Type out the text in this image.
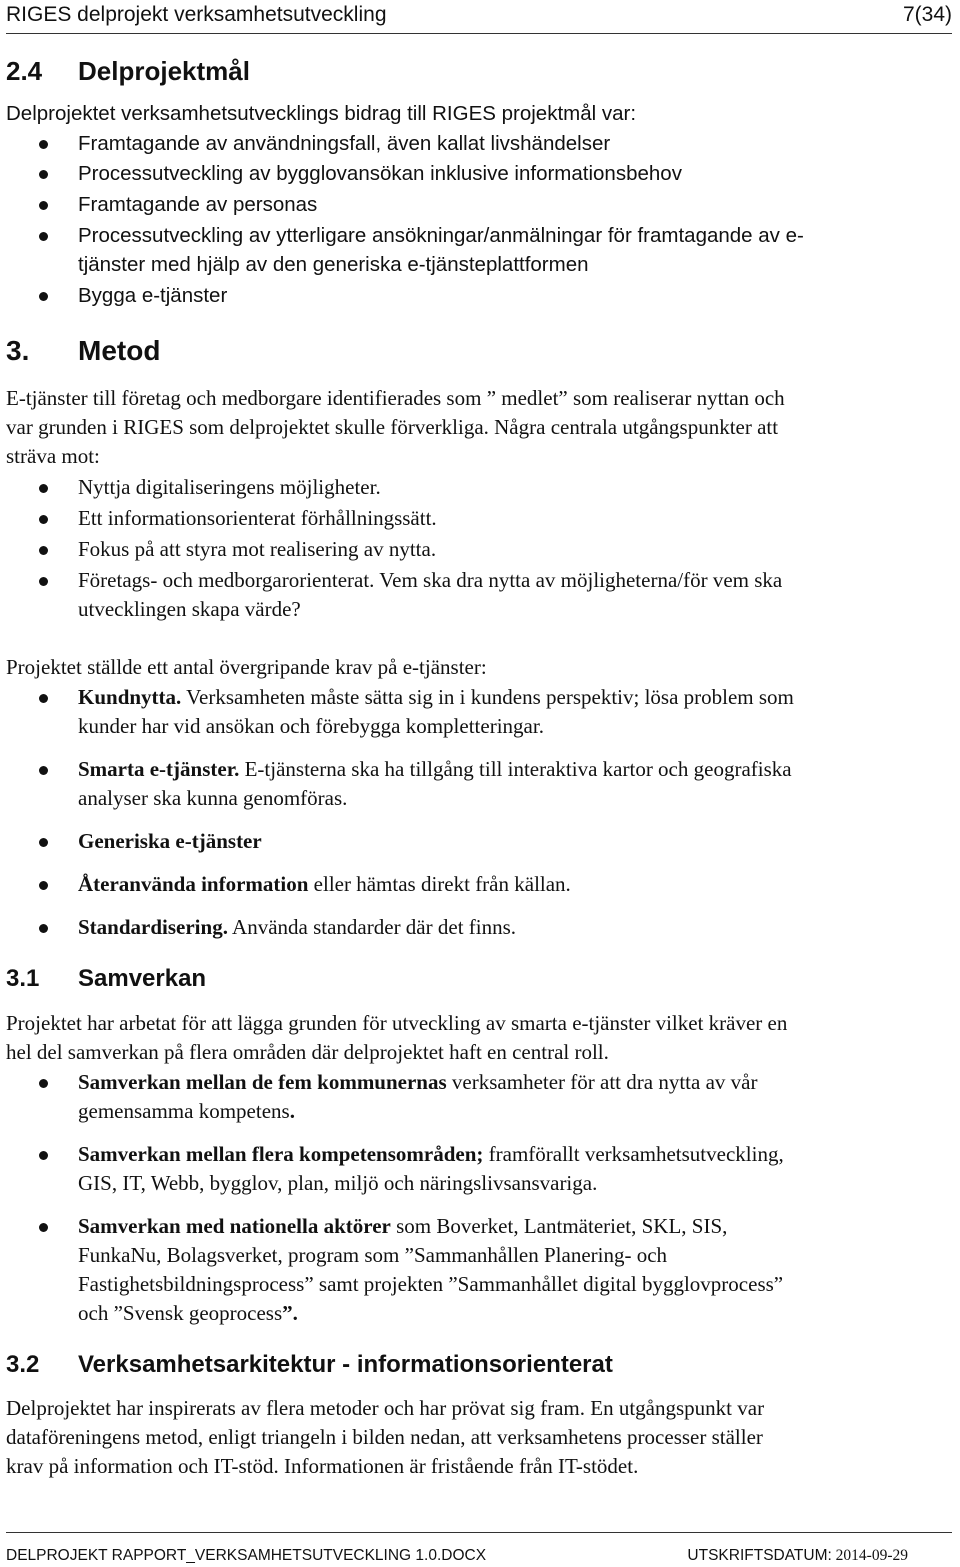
RIGES delprojekt verksamhetsutveckling	7(34)
2.4 Delprojektmål
Delprojektet verksamhetsutvecklings bidrag till RIGES projektmål var:
Framtagande av användningsfall, även kallat livshändelser
Processutveckling av bygglovansökan inklusive informationsbehov
Framtagande av personas
Processutveckling av ytterligare ansökningar/anmälningar för framtagande av e-
tjänster med hjälp av den generiska e-tjänsteplattformen
Bygga e-tjänster
3. Metod
E-tjänster till företag och medborgare identifierades som ” medlet” som realiserar nyttan och
var grunden i RIGES som delprojektet skulle förverkliga. Några centrala utgångspunkter att
sträva mot:
Nyttja digitaliseringens möjligheter.
Ett informationsorienterat förhållningssätt.
Fokus på att styra mot realisering av nytta.
Företags- och medborgarorienterat. Vem ska dra nytta av möjligheterna/för vem ska
utvecklingen skapa värde?
Projektet ställde ett antal övergripande krav på e-tjänster:
Kundnytta. Verksamheten måste sätta sig in i kundens perspektiv; lösa problem som
kunder har vid ansökan och förebygga kompletteringar.
Smarta e-tjänster. E-tjänsterna ska ha tillgång till interaktiva kartor och geografiska
analyser ska kunna genomföras.
Generiska e-tjänster
Återanvända information eller hämtas direkt från källan.
Standardisering. Använda standarder där det finns.
3.1 Samverkan
Projektet har arbetat för att lägga grunden för utveckling av smarta e-tjänster vilket kräver en
hel del samverkan på flera områden där delprojektet haft en central roll.
Samverkan mellan de fem kommunernas verksamheter för att dra nytta av vår
gemensamma kompetens.
Samverkan mellan flera kompetensområden; framförallt verksamhetsutveckling,
GIS, IT, Webb, bygglov, plan, miljö och näringslivsansvariga.
Samverkan med nationella aktörer som Boverket, Lantmäteriet, SKL, SIS,
FunkaNu, Bolagsverket, program som ”Sammanhållen Planering- och
Fastighetsbildningsprocess” samt projekten ”Sammanhållet digital bygglovprocess”
och ”Svensk geoprocess”.
3.2 Verksamhetsarkitektur - informationsorienterat
Delprojektet har inspirerats av flera metoder och har prövat sig fram. En utgångspunkt var
dataföreningens metod, enligt triangeln i bilden nedan, att verksamhetens processer ställer
krav på information och IT-stöd. Informationen är fristående från IT-stödet.
DELPROJEKT RAPPORT_VERKSAMHETSUTVECKLING 1.0.DOCX	UTSKRIFTSDATUM: 2014-09-29
